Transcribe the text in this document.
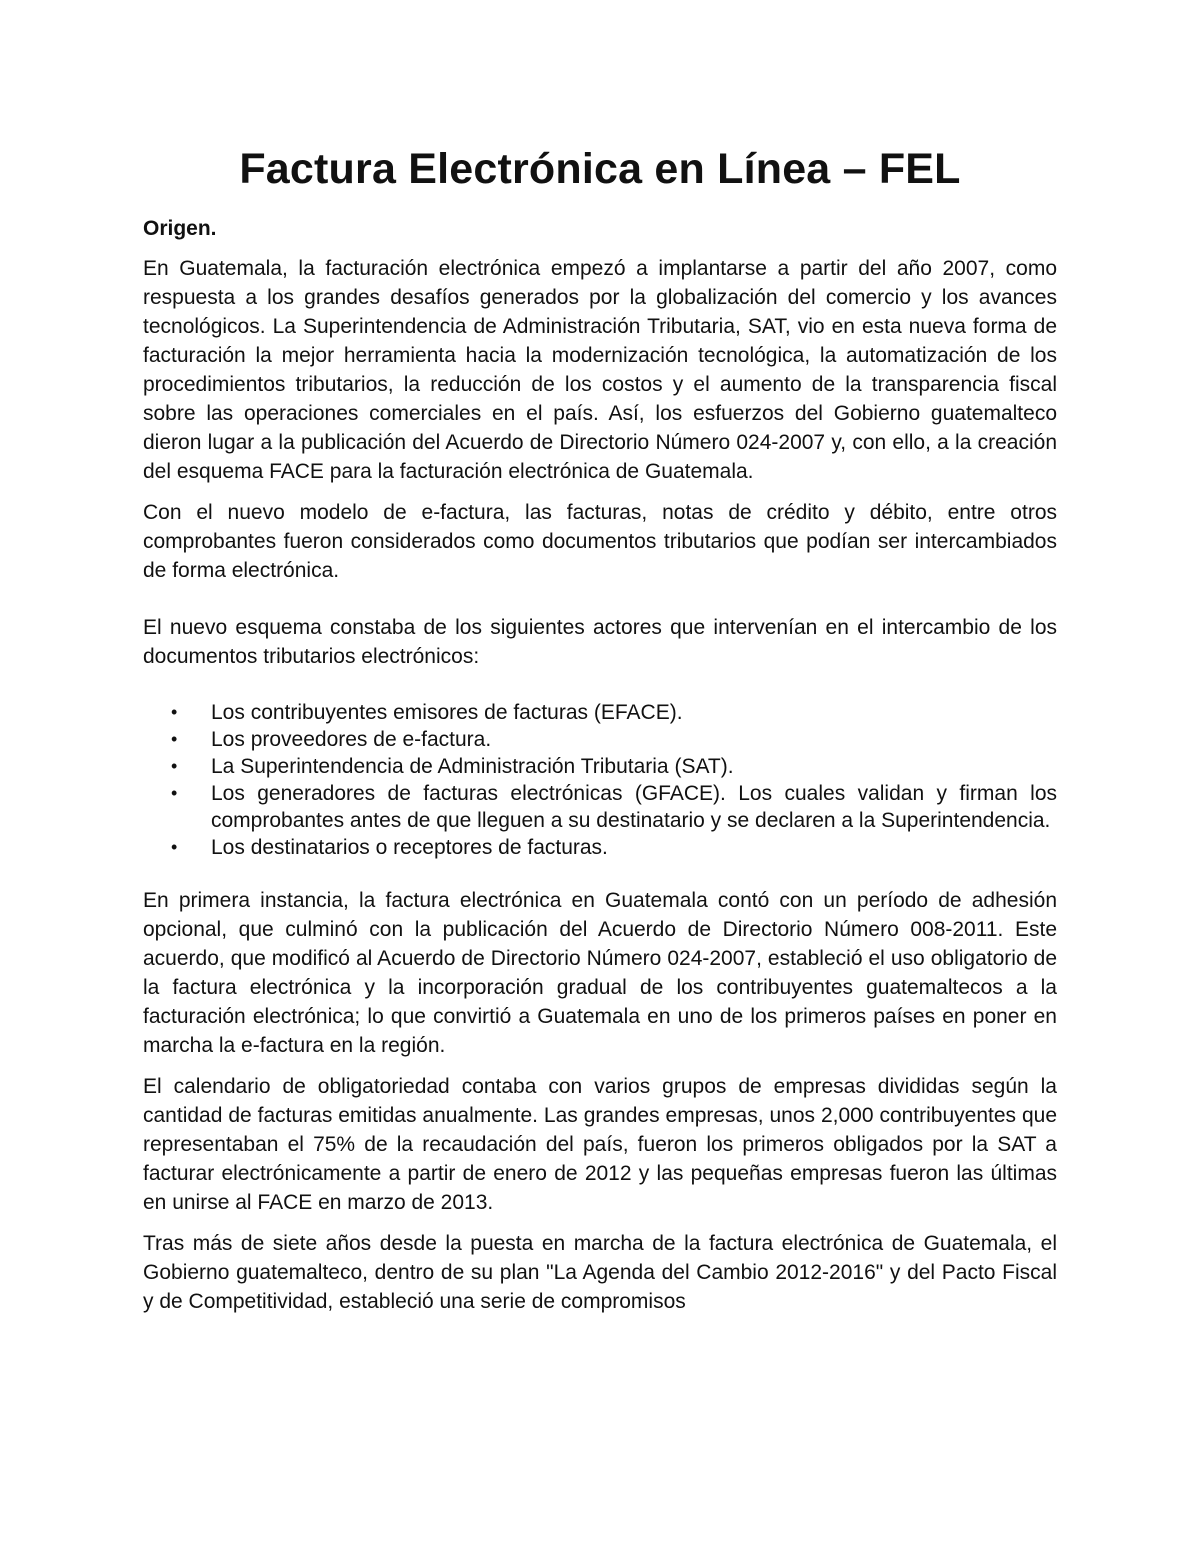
Factura Electrónica en Línea – FEL
Origen.

En Guatemala, la facturación electrónica empezó a implantarse a partir del año 2007, como respuesta a los grandes desafíos generados por la globalización del comercio y los avances tecnológicos. La Superintendencia de Administración Tributaria, SAT, vio en esta nueva forma de facturación la mejor herramienta hacia la modernización tecnológica, la automatización de los procedimientos tributarios, la reducción de los costos y el aumento de la transparencia fiscal sobre las operaciones comerciales en el país. Así, los esfuerzos del Gobierno guatemalteco dieron lugar a la publicación del Acuerdo de Directorio Número 024-2007 y, con ello, a la creación del esquema FACE para la facturación electrónica de Guatemala.

Con el nuevo modelo de e-factura, las facturas, notas de crédito y débito, entre otros comprobantes fueron considerados como documentos tributarios que podían ser intercambiados de forma electrónica.

El nuevo esquema constaba de los siguientes actores que intervenían en el intercambio de los documentos tributarios electrónicos:

• Los contribuyentes emisores de facturas (EFACE).
• Los proveedores de e-factura.
• La Superintendencia de Administración Tributaria (SAT).
• Los generadores de facturas electrónicas (GFACE). Los cuales validan y firman los comprobantes antes de que lleguen a su destinatario y se declaren a la Superintendencia.
• Los destinatarios o receptores de facturas.

En primera instancia, la factura electrónica en Guatemala contó con un período de adhesión opcional, que culminó con la publicación del Acuerdo de Directorio Número 008-2011. Este acuerdo, que modificó al Acuerdo de Directorio Número 024-2007, estableció el uso obligatorio de la factura electrónica y la incorporación gradual de los contribuyentes guatemaltecos a la facturación electrónica; lo que convirtió a Guatemala en uno de los primeros países en poner en marcha la e-factura en la región.

El calendario de obligatoriedad contaba con varios grupos de empresas divididas según la cantidad de facturas emitidas anualmente. Las grandes empresas, unos 2,000 contribuyentes que representaban el 75% de la recaudación del país, fueron los primeros obligados por la SAT a facturar electrónicamente a partir de enero de 2012 y las pequeñas empresas fueron las últimas en unirse al FACE en marzo de 2013.

Tras más de siete años desde la puesta en marcha de la factura electrónica de Guatemala, el Gobierno guatemalteco, dentro de su plan "La Agenda del Cambio 2012-2016" y del Pacto Fiscal y de Competitividad, estableció una serie de compromisos
